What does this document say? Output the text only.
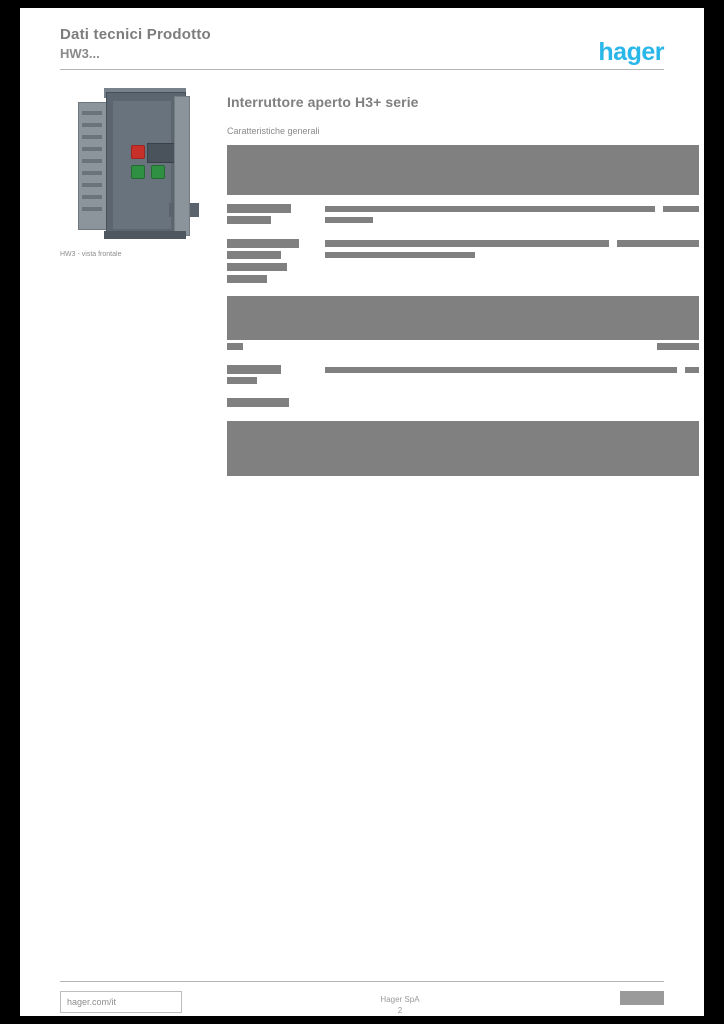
Dati tecnici Prodotto
HW3...	hager
HW3 - vista frontale
Interruttore aperto H3+ serie
Caratteristiche generali
hager.com/it	Hager SpA
2
